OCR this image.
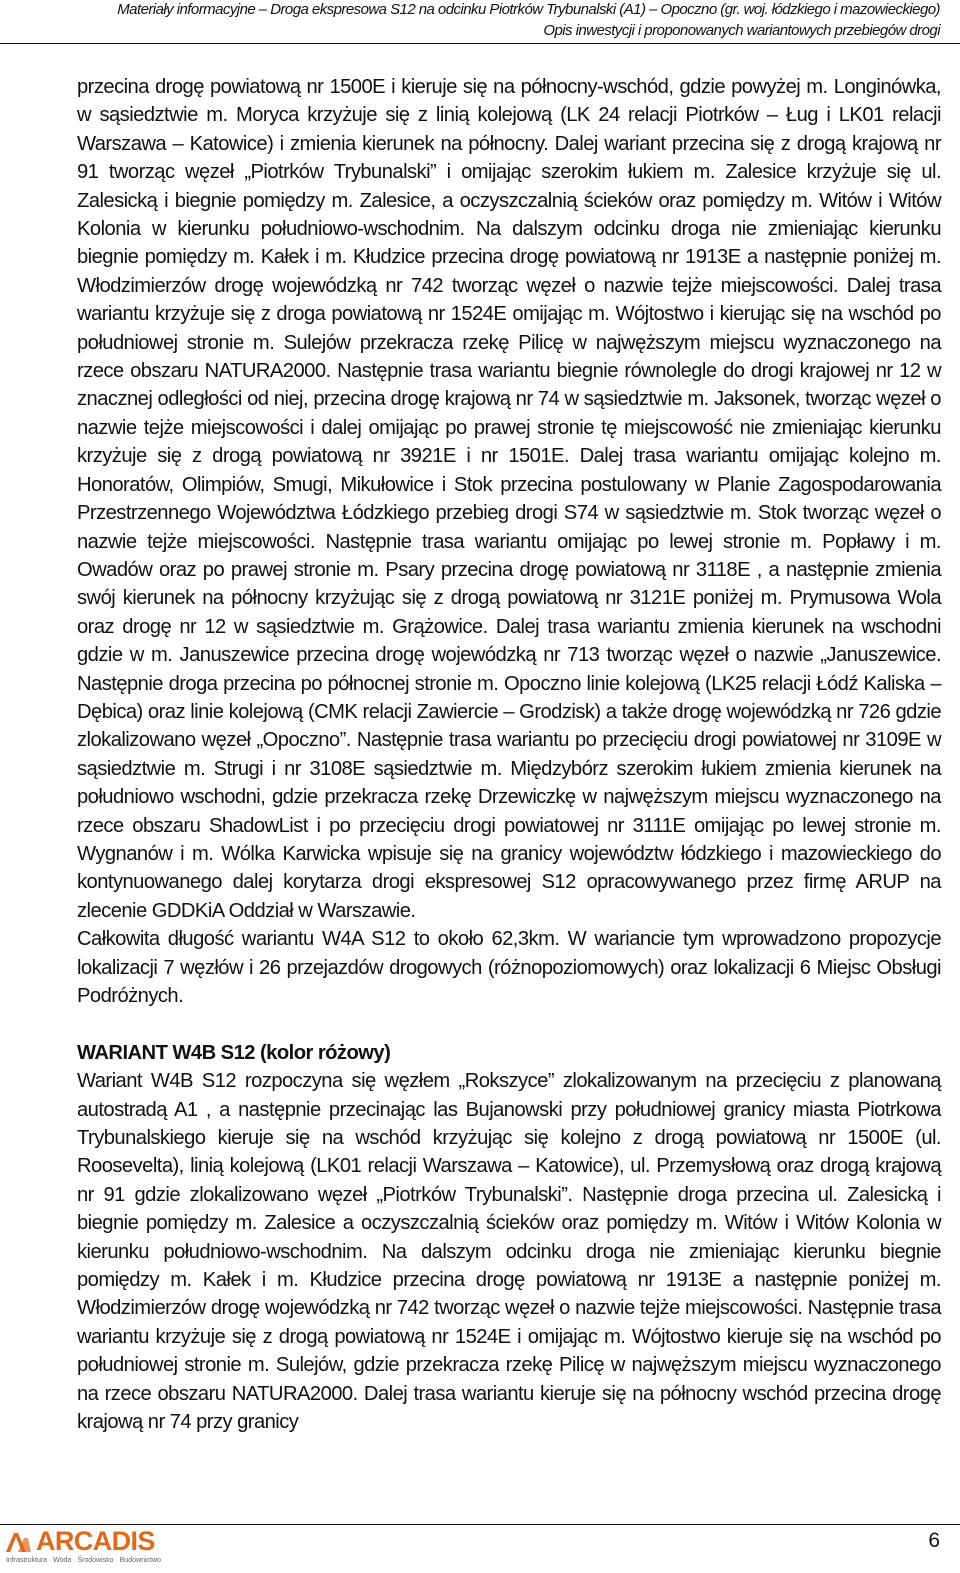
Materiały informacyjne – Droga ekspresowa S12 na odcinku Piotrków Trybunalski (A1) – Opoczno (gr. woj. łódzkiego i mazowieckiego)
Opis inwestycji i proponowanych wariantowych przebiegów drogi

przecina drogę powiatową nr 1500E i kieruje się na północny-wschód, gdzie powyżej m. Longinówka, w sąsiedztwie m. Moryca krzyżuje się z linią kolejową (LK 24 relacji Piotrków – Ług i LK01 relacji Warszawa – Katowice) i zmienia kierunek na północny. Dalej wariant przecina się z drogą krajową nr 91 tworząc węzeł „Piotrków Trybunalski” i omijając szerokim łukiem m. Zalesice krzyżuje się ul. Zalesicką i biegnie pomiędzy m. Zalesice, a oczyszczalnią ścieków oraz pomiędzy m. Witów i Witów Kolonia w kierunku południowo-wschodnim. Na dalszym odcinku droga nie zmieniając kierunku biegnie pomiędzy m. Kałek i m. Kłudzice przecina drogę powiatową nr 1913E a następnie poniżej m. Włodzimierzów drogę wojewódzką nr 742 tworząc węzeł o nazwie tejże miejscowości. Dalej trasa wariantu krzyżuje się z droga powiatową nr 1524E omijając m. Wójtostwo i kierując się na wschód po południowej stronie m. Sulejów przekracza rzekę Pilicę w najwęższym miejscu wyznaczonego na rzece obszaru NATURA2000. Następnie trasa wariantu biegnie równolegle do drogi krajowej nr 12 w znacznej odległości od niej, przecina drogę krajową nr 74 w sąsiedztwie m. Jaksonek, tworząc węzeł o nazwie tejże miejscowości i dalej omijając po prawej stronie tę miejscowość nie zmieniając kierunku krzyżuje się z drogą powiatową nr 3921E i nr 1501E. Dalej trasa wariantu omijając kolejno m. Honoratów, Olimpiów, Smugi, Mikułowice i Stok przecina postulowany w Planie Zagospodarowania Przestrzennego Województwa Łódzkiego przebieg drogi S74 w sąsiedztwie m. Stok tworząc węzeł o nazwie tejże miejscowości. Następnie trasa wariantu omijając po lewej stronie m. Popławy i m. Owadów oraz po prawej stronie m. Psary przecina drogę powiatową nr 3118E , a następnie zmienia swój kierunek na północny krzyżując się z drogą powiatową nr 3121E poniżej m. Prymusowa Wola oraz drogę nr 12 w sąsiedztwie m. Grążowice. Dalej trasa wariantu zmienia kierunek na wschodni gdzie w m. Januszewice przecina drogę wojewódzką nr 713 tworząc węzeł o nazwie „Januszewice. Następnie droga przecina po północnej stronie m. Opoczno linie kolejową (LK25 relacji Łódź Kaliska – Dębica) oraz linie kolejową (CMK relacji Zawiercie – Grodzisk) a także drogę wojewódzką nr 726 gdzie zlokalizowano węzeł „Opoczno”. Następnie trasa wariantu po przecięciu drogi powiatowej nr 3109E w sąsiedztwie m. Strugi i nr 3108E sąsiedztwie m. Międzybórz szerokim łukiem zmienia kierunek na południowo wschodni, gdzie przekracza rzekę Drzewiczkę w najwęższym miejscu wyznaczonego na rzece obszaru ShadowList i po przecięciu drogi powiatowej nr 3111E omijając po lewej stronie m. Wygnanów i m. Wólka Karwicka wpisuje się na granicy województw łódzkiego i mazowieckiego do kontynuowanego dalej korytarza drogi ekspresowej S12 opracowywanego przez firmę ARUP na zlecenie GDDKiA Oddział w Warszawie.

Całkowita długość wariantu W4A S12 to około 62,3km. W wariancie tym wprowadzono propozycje lokalizacji 7 węzłów i 26 przejazdów drogowych (różnopoziomowych) oraz lokalizacji 6 Miejsc Obsługi Podróżnych.

WARIANT W4B S12 (kolor różowy)

Wariant W4B S12 rozpoczyna się węzłem „Rokszyce” zlokalizowanym na przecięciu z planowaną autostradą A1 , a następnie przecinając las Bujanowski przy południowej granicy miasta Piotrkowa Trybunalskiego kieruje się na wschód krzyżując się kolejno z drogą powiatową nr 1500E (ul. Roosevelta), linią kolejową (LK01 relacji Warszawa – Katowice), ul. Przemysłową oraz drogą krajową nr 91 gdzie zlokalizowano węzeł „Piotrków Trybunalski”. Następnie droga przecina ul. Zalesicką i biegnie pomiędzy m. Zalesice a oczyszczalnią ścieków oraz pomiędzy m. Witów i Witów Kolonia w kierunku południowo-wschodnim. Na dalszym odcinku droga nie zmieniając kierunku biegnie pomiędzy m. Kałek i m. Kłudzice przecina drogę powiatową nr 1913E a następnie poniżej m. Włodzimierzów drogę wojewódzką nr 742 tworząc węzeł o nazwie tejże miejscowości. Następnie trasa wariantu krzyżuje się z drogą powiatową nr 1524E i omijając m. Wójtostwo kieruje się na wschód po południowej stronie m. Sulejów, gdzie przekracza rzekę Pilicę w najwęższym miejscu wyznaczonego na rzece obszaru NATURA2000. Dalej trasa wariantu kieruje się na północny wschód przecina drogę krajową nr 74 przy granicy

ARCADIS
Infrastruktura · Woda · Środowisko · Budownictwo
6
